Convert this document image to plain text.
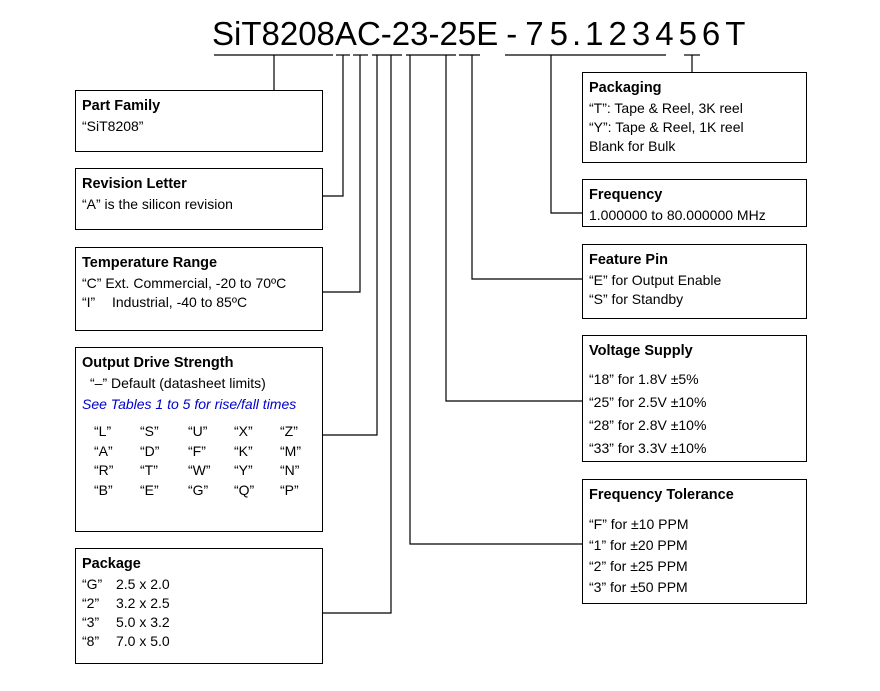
SiT8208AC-23-25E - 7 5 . 1 2 3 4 5 6 T
Part Family
“SiT8208”
Revision Letter
“A” is the silicon revision
Temperature Range
“C” Ext. Commercial, -20 to 70ºC
“I” Industrial, -40 to 85ºC
Output Drive Strength
“–” Default (datasheet limits)
See Tables 1 to 5 for rise/fall times
“L”	“S”	“U”	“X”	“Z”
“A”	“D”	“F”	“K”	“M”
“R”	“T”	“W”	“Y”	“N”
“B”	“E”	“G”	“Q”	“P”
Package
“G” 2.5 x 2.0
“2” 3.2 x 2.5
“3” 5.0 x 3.2
“8” 7.0 x 5.0
Packaging
“T”: Tape & Reel, 3K reel
“Y”: Tape & Reel, 1K reel
Blank for Bulk
Frequency
1.000000 to 80.000000 MHz
Feature Pin
“E” for Output Enable
“S” for Standby
Voltage Supply
“18” for 1.8V ±5%
“25” for 2.5V ±10%
“28” for 2.8V ±10%
“33” for 3.3V ±10%
Frequency Tolerance
“F” for ±10 PPM
“1” for ±20 PPM
“2” for ±25 PPM
“3” for ±50 PPM
